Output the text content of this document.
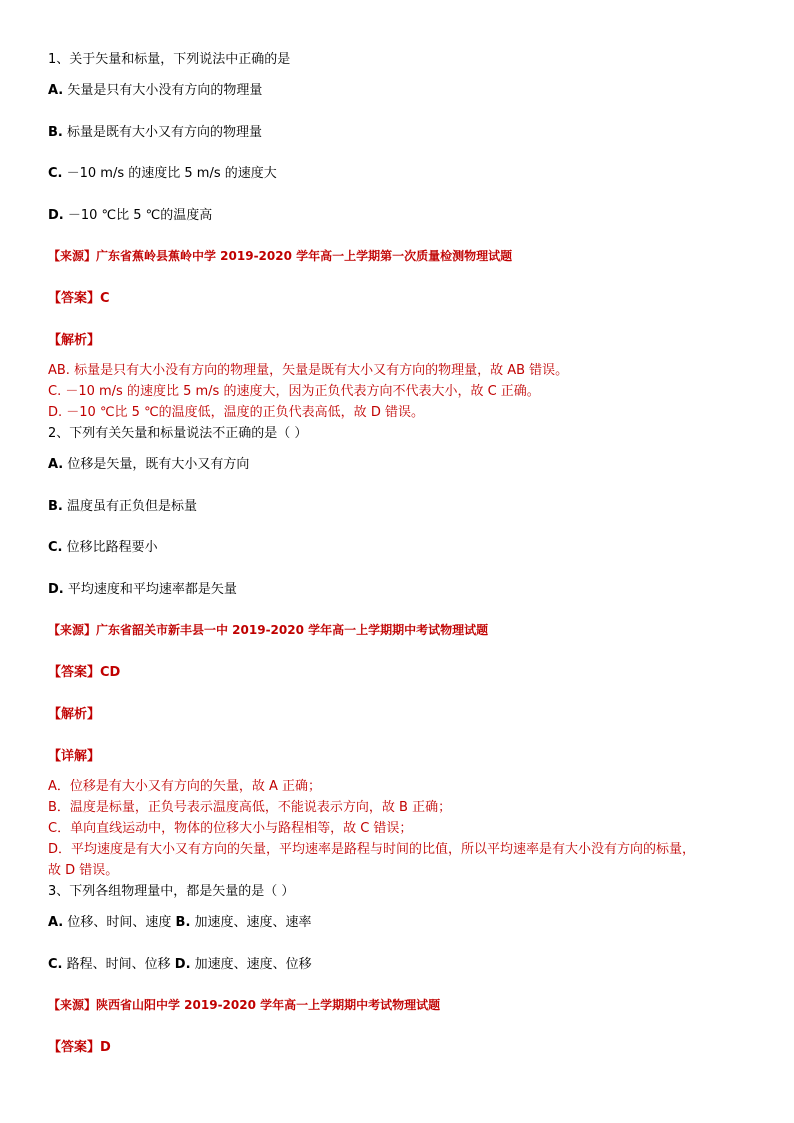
1、关于矢量和标量，下列说法中正确的是
A. 矢量是只有大小没有方向的物理量
B. 标量是既有大小又有方向的物理量
C. －10 m/s 的速度比 5 m/s 的速度大
D. －10 ℃比 5 ℃的温度高
【来源】广东省蕉岭县蕉岭中学 2019-2020 学年高一上学期第一次质量检测物理试题
【答案】C
【解析】
AB. 标量是只有大小没有方向的物理量，矢量是既有大小又有方向的物理量，故 AB 错误。
C. －10 m/s 的速度比 5 m/s 的速度大，因为正负代表方向不代表大小，故 C 正确。
D. －10 ℃比 5 ℃的温度低，温度的正负代表高低，故 D 错误。
2、下列有关矢量和标量说法不正确的是（ ）
A. 位移是矢量，既有大小又有方向
B. 温度虽有正负但是标量
C. 位移比路程要小
D. 平均速度和平均速率都是矢量
【来源】广东省韶关市新丰县一中 2019-2020 学年高一上学期期中考试物理试题
【答案】CD
【解析】
【详解】
A．位移是有大小又有方向的矢量，故 A 正确；
B．温度是标量，正负号表示温度高低，不能说表示方向，故 B 正确；
C．单向直线运动中，物体的位移大小与路程相等，故 C 错误；
D．平均速度是有大小又有方向的矢量，平均速率是路程与时间的比值，所以平均速率是有大小没有方向的标量，
故 D 错误。
3、下列各组物理量中，都是矢量的是（ ）
A. 位移、时间、速度 B. 加速度、速度、速率
C. 路程、时间、位移 D. 加速度、速度、位移
【来源】陕西省山阳中学 2019-2020 学年高一上学期期中考试物理试题
【答案】D
